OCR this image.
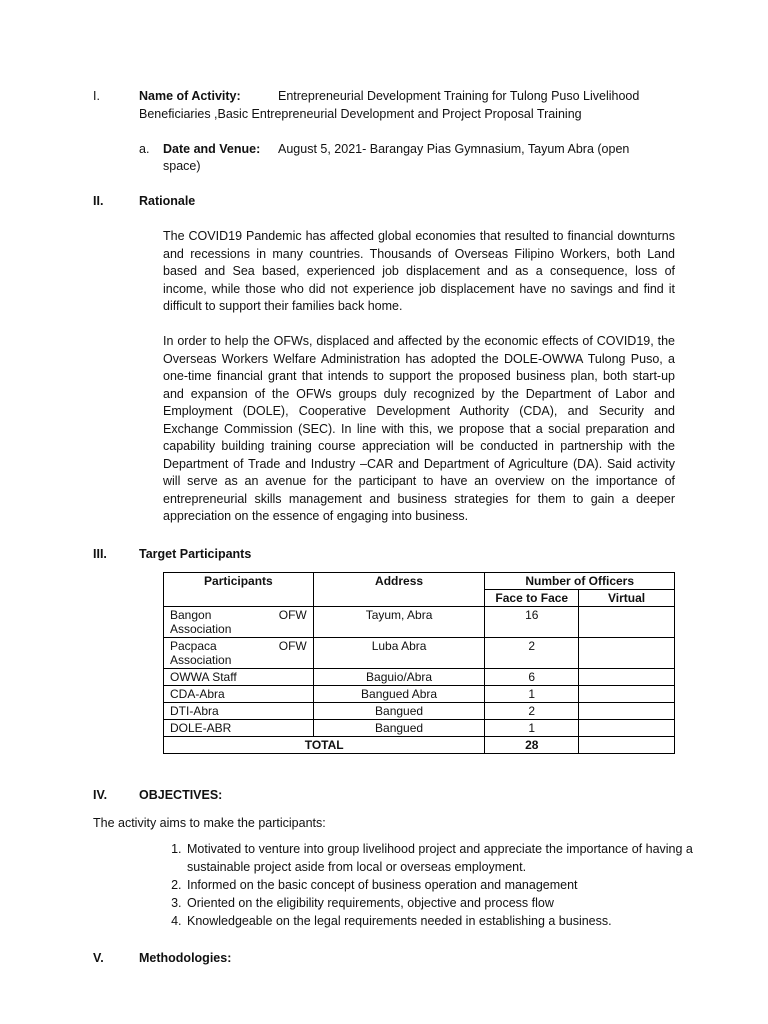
I.	Name of Activity:	Entrepreneurial Development Training for Tulong Puso Livelihood
Beneficiaries ,Basic Entrepreneurial Development and Project Proposal Training
a. Date and Venue: August 5, 2021- Barangay Pias Gymnasium, Tayum Abra (open
space)
II.	Rationale
The COVID19 Pandemic has affected global economies that resulted to financial downturns and recessions in many countries. Thousands of Overseas Filipino Workers, both Land based and Sea based, experienced job displacement and as a consequence, loss of income, while those who did not experience job displacement have no savings and find it difficult to support their families back home.
In order to help the OFWs, displaced and affected by the economic effects of COVID19, the Overseas Workers Welfare Administration has adopted the DOLE-OWWA Tulong Puso, a one-time financial grant that intends to support the proposed business plan, both start-up and expansion of the OFWs groups duly recognized by the Department of Labor and Employment (DOLE), Cooperative Development Authority (CDA), and Security and Exchange Commission (SEC). In line with this, we propose that a social preparation and capability building training course appreciation will be conducted in partnership with the Department of Trade and Industry –CAR and Department of Agriculture (DA). Said activity will serve as an avenue for the participant to have an overview on the importance of entrepreneurial skills management and business strategies for them to gain a deeper appreciation on the essence of engaging into business.
III.	Target Participants
Participants	Address	Number of Officers	
		Face to Face	Virtual

Bangon OFW
Association	Tayum, Abra	16	

Pacpaca OFW
Association	Luba Abra	2	
OWWA Staff	Baguio/Abra	6	
CDA-Abra	Bangued Abra	1	
DTI-Abra	Bangued	2	
DOLE-ABR	Bangued	1	
TOTAL		28	
IV.	OBJECTIVES:
The activity aims to make the participants:
1. Motivated to venture into group livelihood project and appreciate the importance of having a sustainable project aside from local or overseas employment.
2. Informed on the basic concept of business operation and management
3. Oriented on the eligibility requirements, objective and process flow
4. Knowledgeable on the legal requirements needed in establishing a business.
V.	Methodologies:
